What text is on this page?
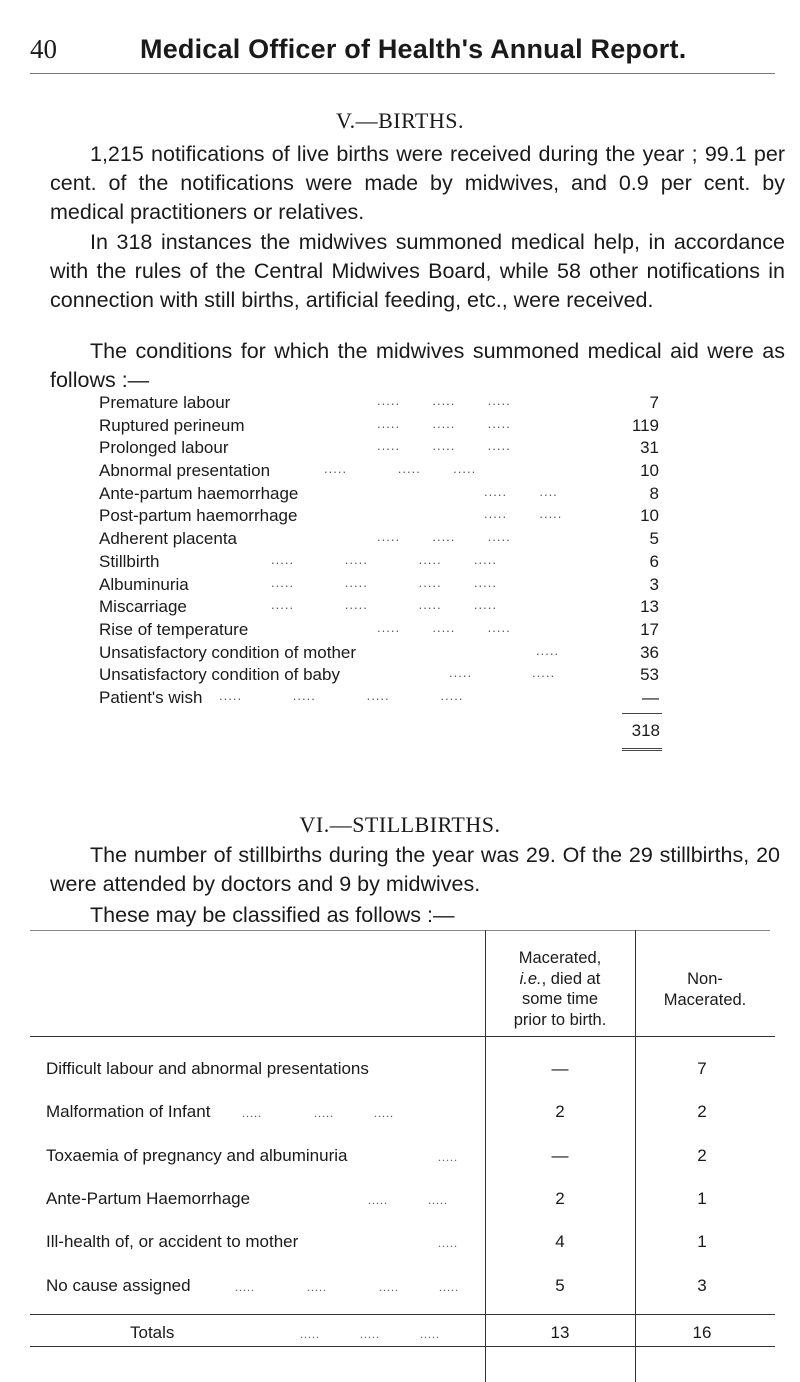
40	Medical Officer of Health's Annual Report.
V.—BIRTHS.
1,215 notifications of live births were received during the year ; 99.1 per cent. of the notifications were made by midwives, and 0.9 per cent. by medical practitioners or relatives.
In 318 instances the midwives summoned medical help, in accordance with the rules of the Central Midwives Board, while 58 other notifications in connection with still births, artificial feeding, etc., were received.
The conditions for which the midwives summoned medical aid were as follows :—
Premature labour	.....       .....       .....	7
Ruptured perineum	.....       .....       .....	119
Prolonged labour	.....       .....       .....	31
Abnormal presentation	.....           .....       .....	10
Ante-partum haemorrhage	.....       ....	8
Post-partum haemorrhage	.....       .....	10
Adherent placenta	.....       .....       .....	5
Stillbirth	.....           .....           .....       .....	6
Albuminuria	.....           .....           .....       .....	3
Miscarriage	.....           .....           .....       .....	13
Rise of temperature	.....       .....       .....	17
Unsatisfactory condition of mother	.....	36
Unsatisfactory condition of baby	.....             .....	53
Patient's wish .....           .....           .....           .....	—
318
VI.—STILLBIRTHS.
The number of stillbirths during the year was 29. Of the 29 stillbirths, 20 were attended by doctors and 9 by midwives.
These may be classified as follows :—
Macerated,
i.e., died at
some time
prior to birth.
Non-
Macerated.
Difficult labour and abnormal presentations	—	7
Malformation of Infant	.....             .....          .....	2	2
Toxaemia of pregnancy and albuminuria	.....	—	2
Ante-Partum Haemorrhage	.....          .....	2	1
Ill-health of, or accident to mother	.....	4	1
No cause assigned	.....             .....             .....          .....	5	3
Totals	.....          .....          .....	13	16
